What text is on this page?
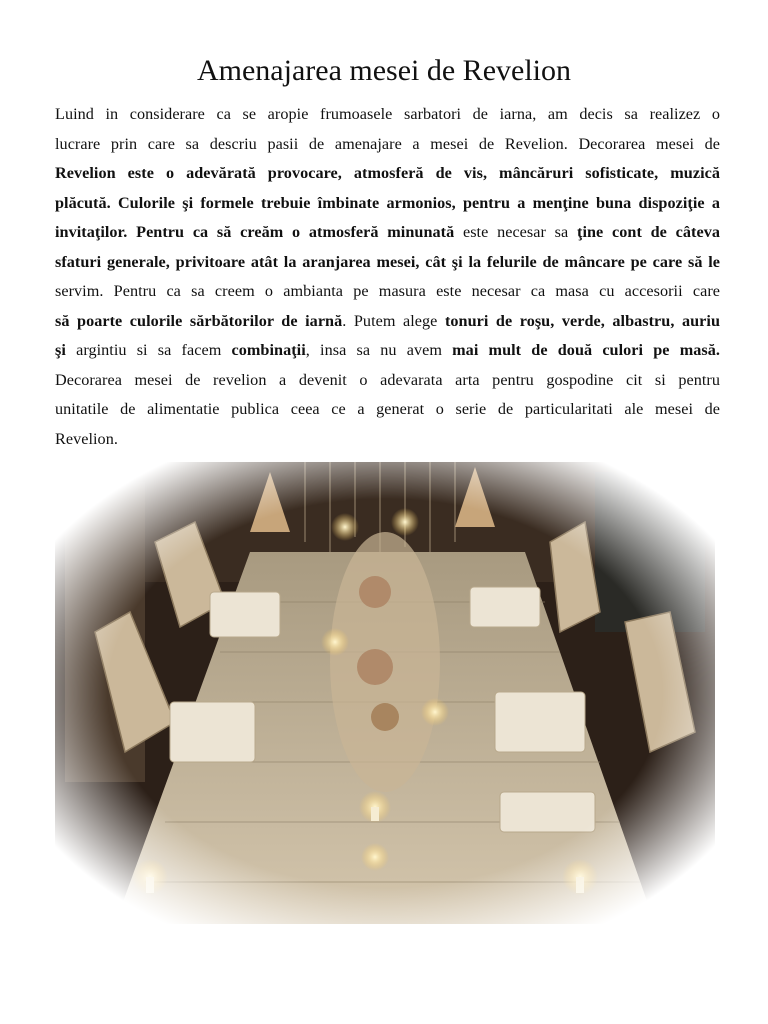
Amenajarea mesei de Revelion
Luind in considerare ca se aropie frumoasele sarbatori de iarna, am decis sa realizez o
lucrare prin care sa descriu pasii de amenajare a mesei de Revelion. Decorarea mesei de
Revelion este o adevărată provocare, atmosferă de vis, mâncăruri sofisticate, muzică
plăcută. Culorile şi formele trebuie îmbinate armonios, pentru a menţine buna dispoziţie a
invitaţilor. Pentru ca să creăm o atmosferă minunată este necesar sa ţine cont de câteva
sfaturi generale, privitoare atât la aranjarea mesei, cât şi la felurile de mâncare pe care să le
servim. Pentru ca sa creem o ambianta pe masura este necesar ca masa cu accesorii care
să poarte culorile sărbătorilor de iarnă. Putem alege tonuri de roşu, verde, albastru, auriu
şi argintiu si sa facem combinaţii, insa sa nu avem mai mult de două culori pe masă.
Decorarea mesei de revelion a devenit o adevarata arta pentru gospodine cit si pentru
unitatile de alimentatie publica ceea ce a generat o serie de particularitati ale mesei de
Revelion.
